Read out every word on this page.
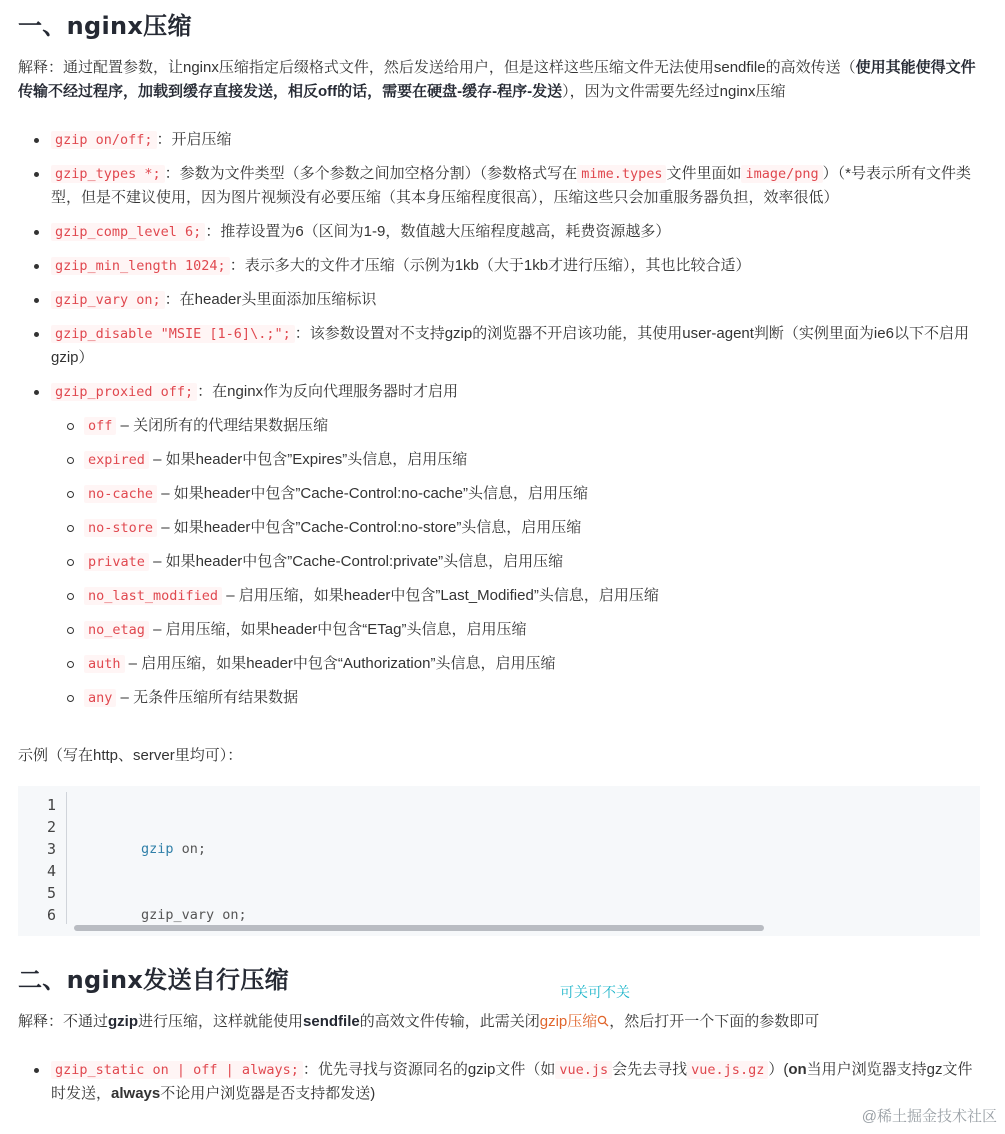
一、nginx压缩
解释：通过配置参数，让nginx压缩指定后缀格式文件，然后发送给用户，但是这样这些压缩文件无法使用sendfile的高效传送（使用其能使得文件传输不经过程序，加载到缓存直接发送，相反off的话，需要在硬盘-缓存-程序-发送），因为文件需要先经过nginx压缩
gzip on/off; ：开启压缩
gzip_types *; ：参数为文件类型（多个参数之间加空格分割）（参数格式写在 mime.types 文件里面如 image/png ）（*号表示所有文件类型，但是不建议使用，因为图片视频没有必要压缩（其本身压缩程度很高），压缩这些只会加重服务器负担，效率很低）
gzip_comp_level 6; ：推荐设置为6（区间为1-9，数值越大压缩程度越高，耗费资源越多）
gzip_min_length 1024; ：表示多大的文件才压缩（示例为1kb（大于1kb才进行压缩），其也比较合适）
gzip_vary on; ：在header头里面添加压缩标识
gzip_disable "MSIE [1-6]\.;"; ：该参数设置对不支持gzip的浏览器不开启该功能，其使用user-agent判断（实例里面为ie6以下不启用gzip）
gzip_proxied off; ：在nginx作为反向代理服务器时才启用
off – 关闭所有的代理结果数据压缩
expired – 如果header中包含”Expires”头信息，启用压缩
no-cache – 如果header中包含”Cache-Control:no-cache”头信息，启用压缩
no-store – 如果header中包含”Cache-Control:no-store”头信息，启用压缩
private – 如果header中包含”Cache-Control:private”头信息，启用压缩
no_last_modified – 启用压缩，如果header中包含”Last_Modified”头信息，启用压缩
no_etag – 启用压缩，如果header中包含“ETag”头信息，启用压缩
auth – 启用压缩，如果header中包含“Authorization”头信息，启用压缩
any – 无条件压缩所有结果数据
示例（写在http、server里均可）：
1
2
3
4
5
6

gzip on;

gzip_vary on;

二、nginx发送自行压缩	可关可不关
解释：不通过gzip进行压缩，这样就能使用sendfile的高效文件传输，此需关闭gzip压缩 ，然后打开一个下面的参数即可
gzip_static on | off | always; ：优先寻找与资源同名的gzip文件（如 vue.js 会先去寻找 vue.js.gz ）(on当用户浏览器支持gz文件时发送，always不论用户浏览器是否支持都发送)
@稀土掘金技术社区
